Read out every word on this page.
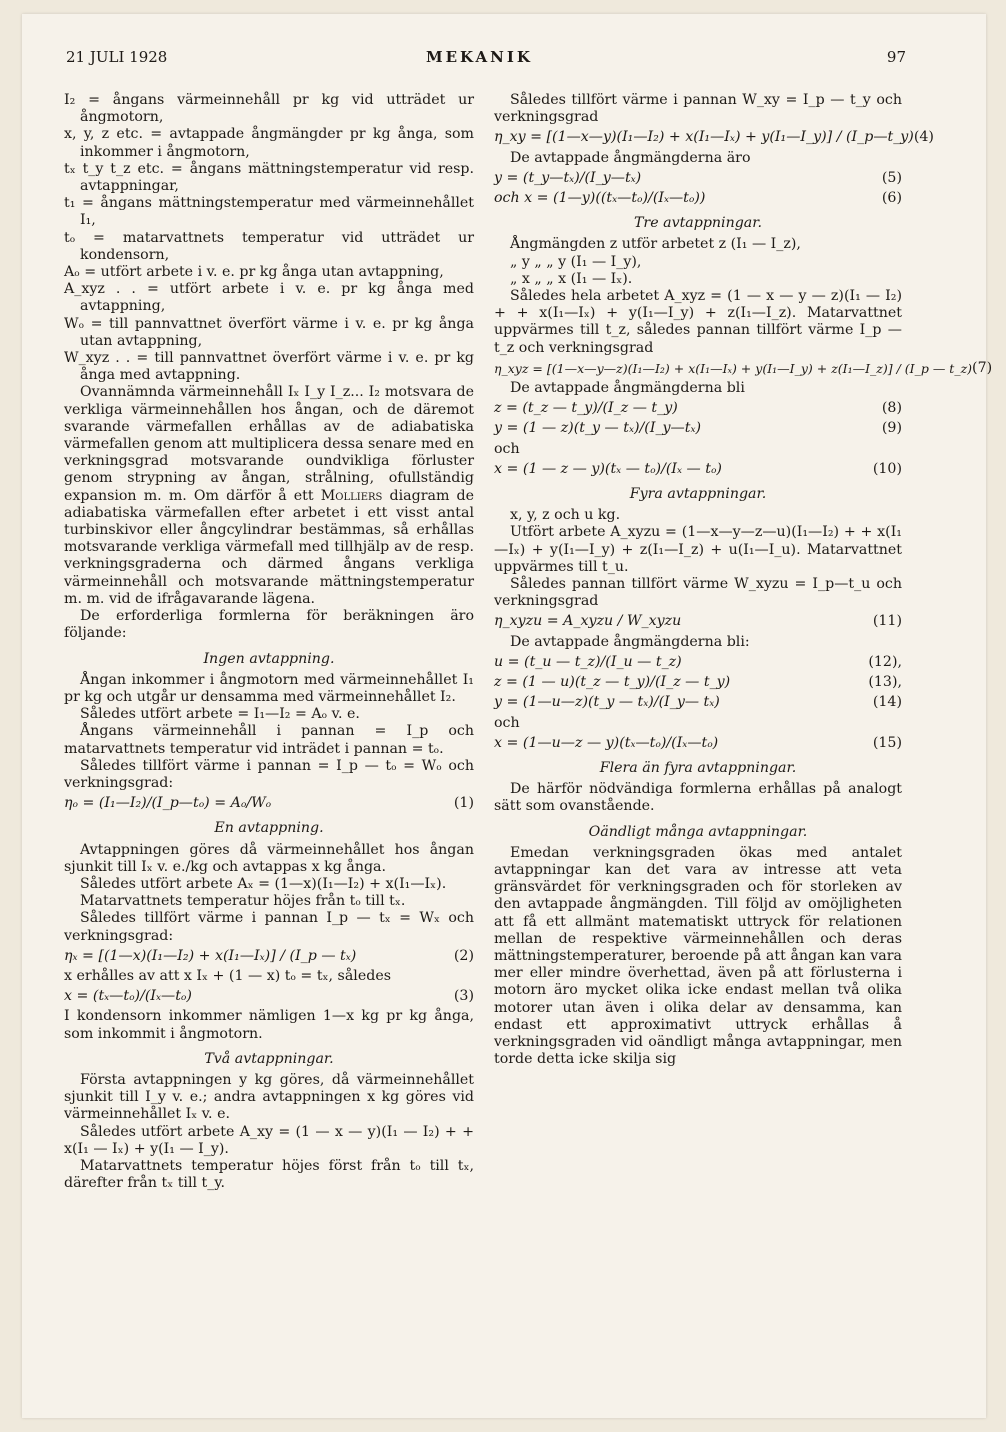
21 JULI 1928	MEKANIK	97

I₂ = ångans värmeinnehåll pr kg vid utträdet ur ångmotorn,

x, y, z etc. = avtappade ångmängder pr kg ånga, som inkommer i ångmotorn,

tₓ t_y t_z etc. = ångans mättningstemperatur vid resp. avtappningar,

t₁ = ångans mättningstemperatur med värmeinnehållet I₁,

tₒ = matarvattnets temperatur vid utträdet ur kondensorn,

Aₒ = utfört arbete i v. e. pr kg ånga utan avtappning,

A_xyz . . = utfört arbete i v. e. pr kg ånga med avtappning,

Wₒ = till pannvattnet överfört värme i v. e. pr kg ånga utan avtappning,

W_xyz . . = till pannvattnet överfört värme i v. e. pr kg ånga med avtappning.

Ovannämnda värmeinnehåll Iₓ I_y I_z... I₂ motsvara de verkliga värmeinnehållen hos ångan, och de däremot svarande värmefallen erhållas av de adiabatiska värmefallen genom att multiplicera dessa senare med en verkningsgrad motsvarande oundvikliga förluster genom strypning av ångan, strålning, ofullständig expansion m. m. Om därför å ett Molliers diagram de adiabatiska värmefallen efter arbetet i ett visst antal turbinskivor eller ångcylindrar bestämmas, så erhållas motsvarande verkliga värmefall med tillhjälp av de resp. verkningsgraderna och därmed ångans verkliga värmeinnehåll och motsvarande mättningstemperatur m. m. vid de ifrågavarande lägena.

De erforderliga formlerna för beräkningen äro följande:

Ingen avtappning.

Ångan inkommer i ångmotorn med värmeinnehållet I₁ pr kg och utgår ur densamma med värmeinnehållet I₂.

Således utfört arbete = I₁—I₂ = Aₒ v. e.

Ångans värmeinnehåll i pannan = I_p och matarvattnets temperatur vid inträdet i pannan = tₒ.

Således tillfört värme i pannan = I_p — tₒ = Wₒ och verkningsgrad:

ηₒ = (I₁—I₂)/(I_p—tₒ) = Aₒ/Wₒ	(1)
En avtappning.

Avtappningen göres då värmeinnehållet hos ångan sjunkit till Iₓ v. e./kg och avtappas x kg ånga.

Således utfört arbete Aₓ = (1—x)(I₁—I₂) + x(I₁—Iₓ).

Matarvattnets temperatur höjes från tₒ till tₓ.

Således tillfört värme i pannan I_p — tₓ = Wₓ och verkningsgrad:

ηₓ = [(1—x)(I₁—I₂) + x(I₁—Iₓ)] / (I_p — tₓ)	(2)

x erhålles av att x Iₓ + (1 — x) tₒ = tₓ, således

x = (tₓ—tₒ)/(Iₓ—tₒ)	(3)

I kondensorn inkommer nämligen 1—x kg pr kg ånga, som inkommit i ångmotorn.

Två avtappningar.

Första avtappningen y kg göres, då värmeinnehållet sjunkit till I_y v. e.; andra avtappningen x kg göres vid värmeinnehållet Iₓ v. e.

Således utfört arbete A_xy = (1 — x — y)(I₁ — I₂) + + x(I₁ — Iₓ) + y(I₁ — I_y).

Matarvattnets temperatur höjes först från tₒ till tₓ, därefter från tₓ till t_y.

Således tillfört värme i pannan W_xy = I_p — t_y och verkningsgrad

η_xy = [(1—x—y)(I₁—I₂) + x(I₁—Iₓ) + y(I₁—I_y)] / (I_p—t_y) (4)

De avtappade ångmängderna äro

y = (t_y—tₓ)/(I_y—tₓ)	(5)
och x = (1—y)((tₓ—tₒ)/(Iₓ—tₒ))	(6)
Tre avtappningar.

Ångmängden z utför arbetet z (I₁ — I_z),

„ y „ „ y (I₁ — I_y),

„ x „ „ x (I₁ — Iₓ).

Således hela arbetet A_xyz = (1 — x — y — z)(I₁ — I₂) + + x(I₁—Iₓ) + y(I₁—I_y) + z(I₁—I_z). Matarvattnet uppvärmes till t_z, således pannan tillfört värme I_p — t_z och verkningsgrad

η_xyz = [(1—x—y—z)(I₁—I₂) + x(I₁—Iₓ) + y(I₁—I_y) + z(I₁—I_z)] / (I_p — t_z) (7)

De avtappade ångmängderna bli

z = (t_z — t_y)/(I_z — t_y)	(8)
y = (1 — z)(t_y — tₓ)/(I_y—tₓ)	(9)

och

x = (1 — z — y)(tₓ — tₒ)/(Iₓ — tₒ)	(10)
Fyra avtappningar.

x, y, z och u kg.

Utfört arbete A_xyzu = (1—x—y—z—u)(I₁—I₂) + + x(I₁—Iₓ) + y(I₁—I_y) + z(I₁—I_z) + u(I₁—I_u). Matarvattnet uppvärmes till t_u.

Således pannan tillfört värme W_xyzu = I_p—t_u och verkningsgrad

η_xyzu = A_xyzu / W_xyzu	(11)

De avtappade ångmängderna bli:

u = (t_u — t_z)/(I_u — t_z)	(12),
z = (1 — u)(t_z — t_y)/(I_z — t_y)	(13),
y = (1—u—z)(t_y — tₓ)/(I_y— tₓ)	(14)

och

x = (1—u—z — y)(tₓ—tₒ)/(Iₓ—tₒ)	(15)
Flera än fyra avtappningar.

De härför nödvändiga formlerna erhållas på analogt sätt som ovanstående.

Oändligt många avtappningar.

Emedan verkningsgraden ökas med antalet avtappningar kan det vara av intresse att veta gränsvärdet för verkningsgraden och för storleken av den avtappade ångmängden. Till följd av omöjligheten att få ett allmänt matematiskt uttryck för relationen mellan de respektive värmeinnehållen och deras mättningstemperaturer, beroende på att ångan kan vara mer eller mindre överhettad, även på att förlusterna i motorn äro mycket olika icke endast mellan två olika motorer utan även i olika delar av densamma, kan endast ett approximativt uttryck erhållas å verkningsgraden vid oändligt många avtappningar, men torde detta icke skilja sig
